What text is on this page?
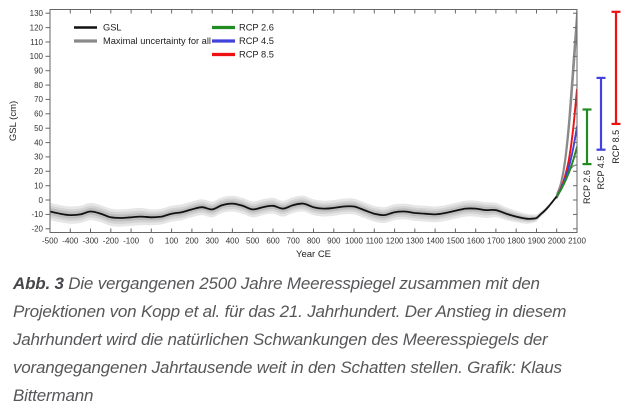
-20
-10
0
10
20
30
40
50
60
70
80
90
100
110
120
130
-500 -400 -300 -200 -100 0 100 200 300 400 500 600 700 800 900 1000 1100 1200 1300 1400 1500 1600 1700 1800 1900 2000 2100
Year CE
GSL (cm)
GSL
Maximal uncertainty for all
RCP 2.6
RCP 4.5
RCP 8.5
RCP 2.6 RCP 4.5
RCP 8.5
Abb. 3 Die vergangenen 2500 Jahre Meeresspiegel zusammen mit den Projektionen von Kopp et al. für das 21. Jahrhundert. Der Anstieg in diesem Jahrhundert wird die natürlichen Schwankungen des Meeresspiegels der vorangegangenen Jahrtausende weit in den Schatten stellen. Grafik: Klaus Bittermann
